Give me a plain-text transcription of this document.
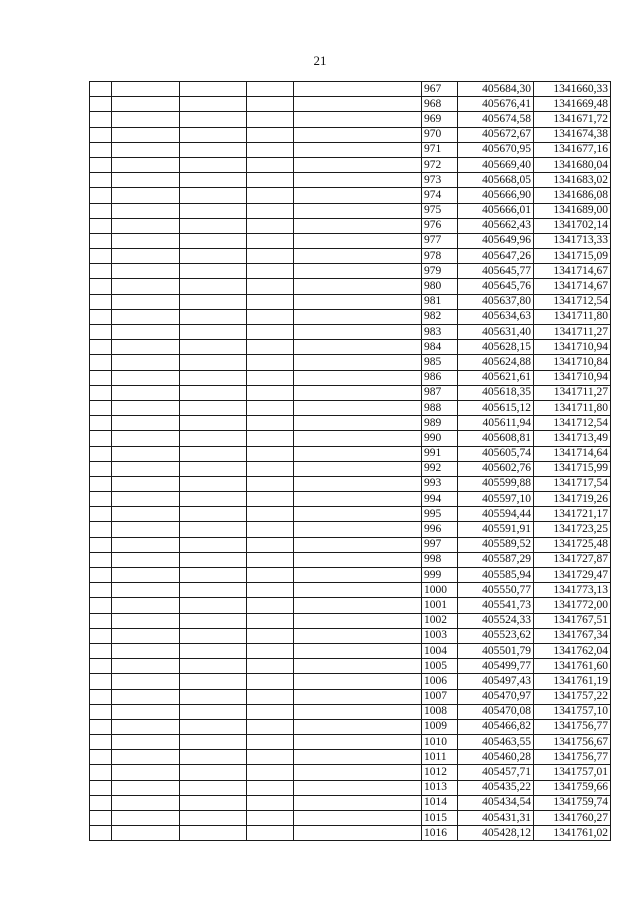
21
					967	405684,30	1341660,33
					968	405676,41	1341669,48
					969	405674,58	1341671,72
					970	405672,67	1341674,38
					971	405670,95	1341677,16
					972	405669,40	1341680,04
					973	405668,05	1341683,02
					974	405666,90	1341686,08
					975	405666,01	1341689,00
					976	405662,43	1341702,14
					977	405649,96	1341713,33
					978	405647,26	1341715,09
					979	405645,77	1341714,67
					980	405645,76	1341714,67
					981	405637,80	1341712,54
					982	405634,63	1341711,80
					983	405631,40	1341711,27
					984	405628,15	1341710,94
					985	405624,88	1341710,84
					986	405621,61	1341710,94
					987	405618,35	1341711,27
					988	405615,12	1341711,80
					989	405611,94	1341712,54
					990	405608,81	1341713,49
					991	405605,74	1341714,64
					992	405602,76	1341715,99
					993	405599,88	1341717,54
					994	405597,10	1341719,26
					995	405594,44	1341721,17
					996	405591,91	1341723,25
					997	405589,52	1341725,48
					998	405587,29	1341727,87
					999	405585,94	1341729,47
					1000	405550,77	1341773,13
					1001	405541,73	1341772,00
					1002	405524,33	1341767,51
					1003	405523,62	1341767,34
					1004	405501,79	1341762,04
					1005	405499,77	1341761,60
					1006	405497,43	1341761,19
					1007	405470,97	1341757,22
					1008	405470,08	1341757,10
					1009	405466,82	1341756,77
					1010	405463,55	1341756,67
					1011	405460,28	1341756,77
					1012	405457,71	1341757,01
					1013	405435,22	1341759,66
					1014	405434,54	1341759,74
					1015	405431,31	1341760,27
					1016	405428,12	1341761,02
